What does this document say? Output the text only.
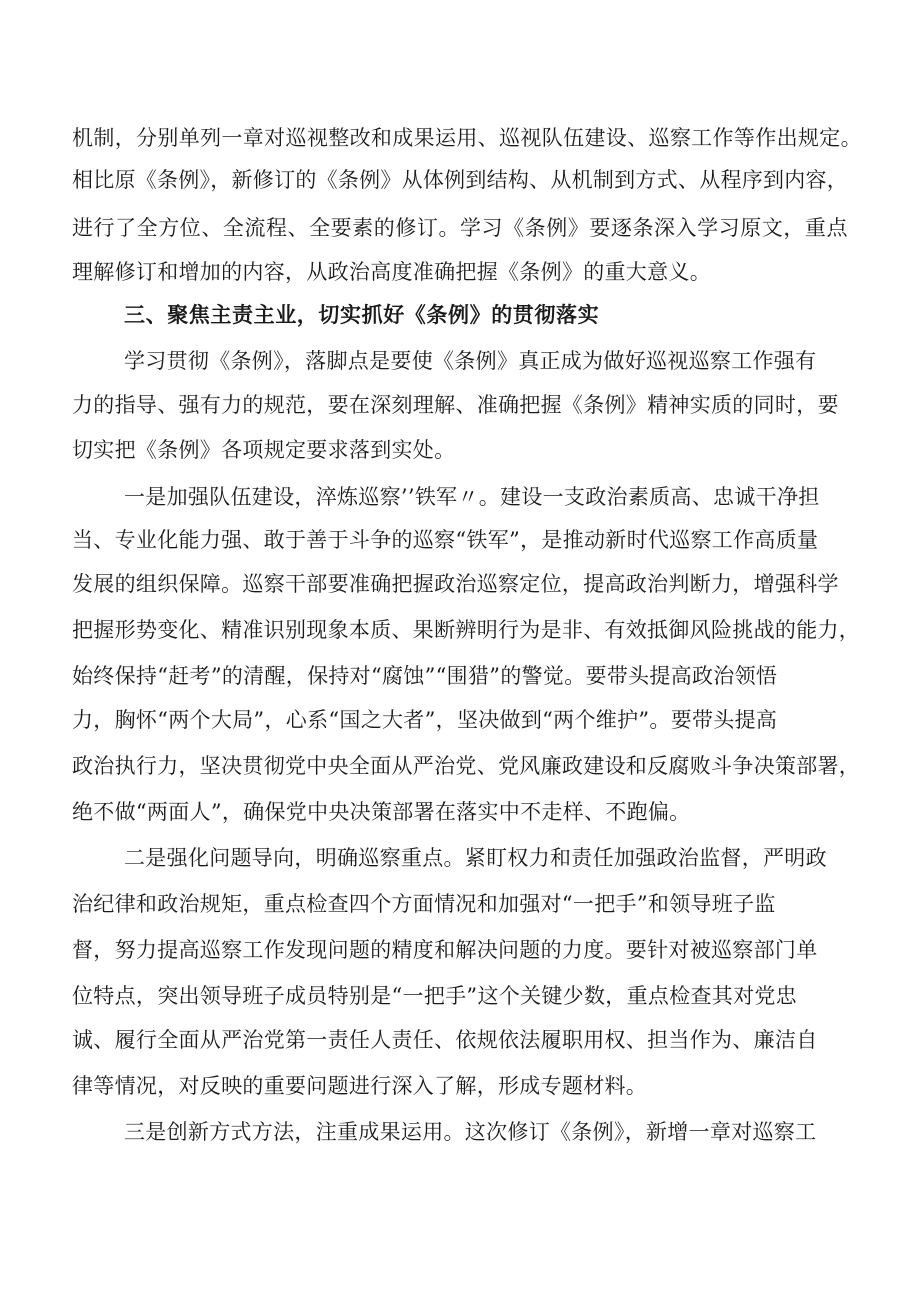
机制，分别单列一章对巡视整改和成果运用、巡视队伍建设、巡察工作等作出规定。
相比原《条例》，新修订的《条例》从体例到结构、从机制到方式、从程序到内容，
进行了全方位、全流程、全要素的修订。学习《条例》要逐条深入学习原文，重点
理解修订和增加的内容，从政治高度准确把握《条例》的重大意义。
三、聚焦主责主业，切实抓好《条例》的贯彻落实
学习贯彻《条例》，落脚点是要使《条例》真正成为做好巡视巡察工作强有
力的指导、强有力的规范，要在深刻理解、准确把握《条例》精神实质的同时，要
切实把《条例》各项规定要求落到实处。
一是加强队伍建设，淬炼巡察’’铁军〃。建设一支政治素质高、忠诚干净担
当、专业化能力强、敢于善于斗争的巡察“铁军”，是推动新时代巡察工作高质量
发展的组织保障。巡察干部要准确把握政治巡察定位，提高政治判断力，增强科学
把握形势变化、精准识别现象本质、果断辨明行为是非、有效抵御风险挑战的能力，
始终保持“赶考”的清醒，保持对“腐蚀”“围猎”的警觉。要带头提高政治领悟
力，胸怀“两个大局”，心系“国之大者”，坚决做到“两个维护”。要带头提高
政治执行力，坚决贯彻党中央全面从严治党、党风廉政建设和反腐败斗争决策部署，
绝不做“两面人”，确保党中央决策部署在落实中不走样、不跑偏。
二是强化问题导向，明确巡察重点。紧盯权力和责任加强政治监督，严明政
治纪律和政治规矩，重点检查四个方面情况和加强对“一把手”和领导班子监
督，努力提高巡察工作发现问题的精度和解决问题的力度。要针对被巡察部门单
位特点，突出领导班子成员特别是“一把手”这个关键少数，重点检查其对党忠
诚、履行全面从严治党第一责任人责任、依规依法履职用权、担当作为、廉洁自
律等情况，对反映的重要问题进行深入了解，形成专题材料。
三是创新方式方法，注重成果运用。这次修订《条例》，新增一章对巡察工
